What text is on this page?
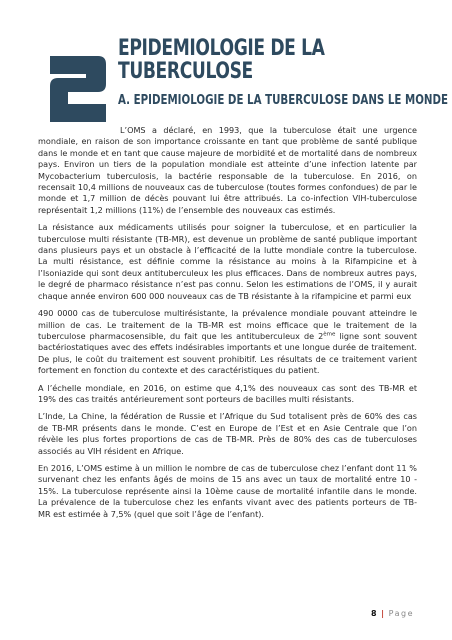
EPIDEMIOLOGIE DE LA
TUBERCULOSE
A. EPIDEMIOLOGIE DE LA TUBERCULOSE DANS LE MONDE

L’OMS a déclaré, en 1993, que la tuberculose était une urgence mondiale, en raison de son importance croissante en tant que problème de santé publique dans le monde et en tant que cause majeure de morbidité et de mortalité dans de nombreux pays. Environ un tiers de la population mondiale est atteinte d’une infection latente par Mycobacterium tuberculosis, la bactérie responsable de la tuberculose. En 2016, on recensait 10,4 millions de nouveaux cas de tuberculose (toutes formes confondues) de par le monde et 1,7 million de décès pouvant lui être attribués. La co-infection VIH-tuberculose représentait 1,2 millions (11%) de l’ensemble des nouveaux cas estimés.

La résistance aux médicaments utilisés pour soigner la tuberculose, et en particulier la tuberculose multi résistante (TB-MR), est devenue un problème de santé publique important dans plusieurs pays et un obstacle à l’efficacité de la lutte mondiale contre la tuberculose. La multi résistance, est définie comme la résistance au moins à la Rifampicine et à l’Isoniazide qui sont deux antituberculeux les plus efficaces. Dans de nombreux autres pays, le degré de pharmaco résistance n’est pas connu. Selon les estimations de l’OMS, il y aurait chaque année environ 600 000 nouveaux cas de TB résistante à la rifampicine et parmi eux

490 0000 cas de tuberculose multirésistante, la prévalence mondiale pouvant atteindre le million de cas. Le traitement de la TB-MR est moins efficace que le traitement de la tuberculose pharmacosensible, du fait que les antituberculeux de 2ème ligne sont souvent bactériostatiques avec des effets indésirables importants et une longue durée de traitement. De plus, le coût du traitement est souvent prohibitif. Les résultats de ce traitement varient fortement en fonction du contexte et des caractéristiques du patient.

A l’échelle mondiale, en 2016, on estime que 4,1% des nouveaux cas sont des TB-MR et 19% des cas traités antérieurement sont porteurs de bacilles multi résistants.

L’Inde, La Chine, la fédération de Russie et l’Afrique du Sud totalisent près de 60% des cas de TB-MR présents dans le monde. C’est en Europe de l’Est et en Asie Centrale que l’on révèle les plus fortes proportions de cas de TB-MR. Près de 80% des cas de tuberculoses associés au VIH résident en Afrique.

En 2016, L’OMS estime à un million le nombre de cas de tuberculose chez l’enfant dont 11 % survenant chez les enfants âgés de moins de 15 ans avec un taux de mortalité entre 10 - 15%. La tuberculose représente ainsi la 10ème cause de mortalité infantile dans le monde. La prévalence de la tuberculose chez les enfants vivant avec des patients porteurs de TB- MR est estimée à 7,5% (quel que soit l’âge de l’enfant).

8 | Page
